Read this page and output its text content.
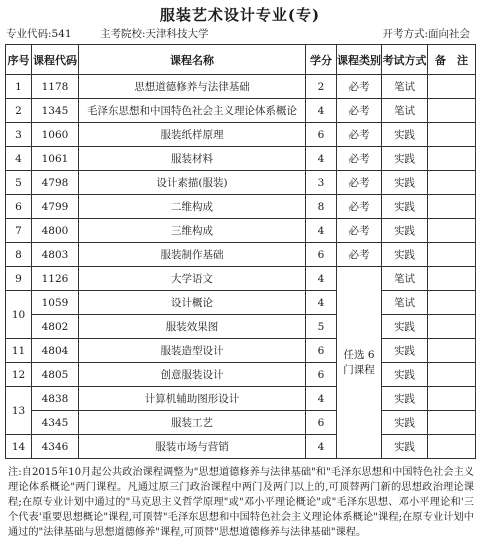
服装艺术设计专业(专)
专业代码:541	主考院校:天津科技大学	开考方式:面向社会
序号	课程代码	课程名称	学分	课程类别	考试方式	备　注
1	1178	思想道德修养与法律基础	2	必考	笔试	
2	1345	毛泽东思想和中国特色社会主义理论体系概论	4	必考	笔试	
3	1060	服装纸样原理	6	必考	实践	
4	1061	服装材料	4	必考	实践	
5	4798	设计素描(服装)	3	必考	实践	
6	4799	二维构成	8	必考	实践	
7	4800	三维构成	4	必考	实践	
8	4803	服装制作基础	6	必考	实践	
9	1126	大学语文	4	任选 6 门课程	笔试	
10	1059	设计概论	4		笔试	
	4802	服装效果图	5		实践	
11	4804	服装造型设计	6		实践	
12	4805	创意服装设计	6		实践	
13	4838	计算机辅助图形设计	4		实践	
	4345	服装工艺	6		实践	
14	4346	服装市场与营销	4		实践	
注:自2015年10月起公共政治课程调整为"思想道德修养与法律基础"和"毛泽东思想和中国特色社会主义理论体系概论"两门课程。凡通过原三门政治课程中两门及两门以上的,可顶替两门新的思想政治理论课程;在原专业计划中通过的"马克思主义哲学原理"或"邓小平理论概论"或"毛泽东思想、邓小平理论和'三个代表'重要思想概论"课程,可顶替"毛泽东思想和中国特色社会主义理论体系概论"课程;在原专业计划中通过的"法律基础与思想道德修养"课程,可顶替"思想道德修养与法律基础"课程。
